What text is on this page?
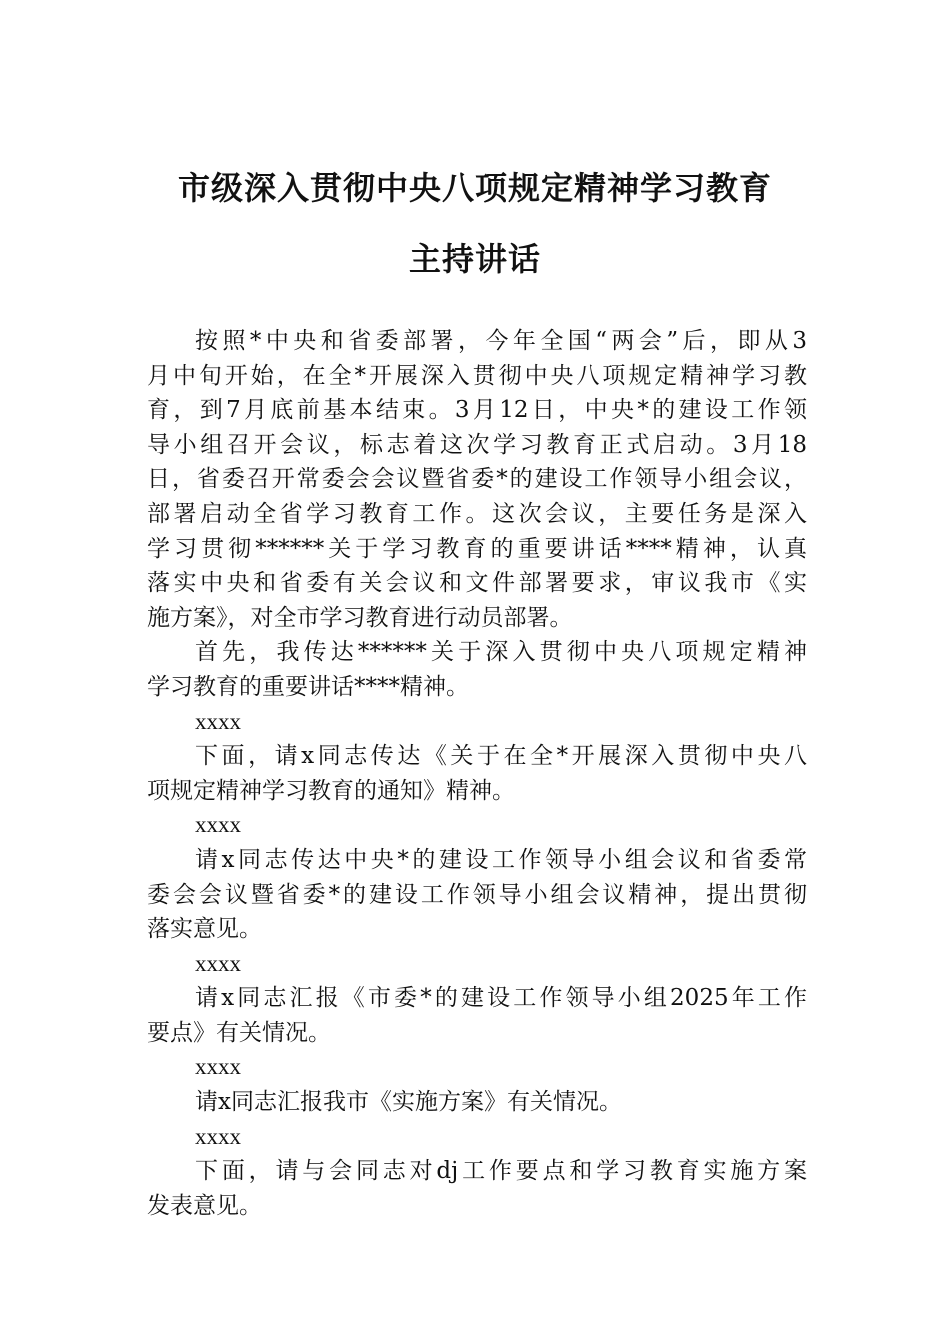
市级深入贯彻中央八项规定精神学习教育
主持讲话
按照*中央和省委部署，今年全国“两会”后，即从3
月中旬开始，在全*开展深入贯彻中央八项规定精神学习教
育，到7月底前基本结束。3月12日，中央*的建设工作领
导小组召开会议，标志着这次学习教育正式启动。3月18
日，省委召开常委会会议暨省委*的建设工作领导小组会议，
部署启动全省学习教育工作。这次会议，主要任务是深入
学习贯彻******关于学习教育的重要讲话****精神，认真
落实中央和省委有关会议和文件部署要求，审议我市《实
施方案》，对全市学习教育进行动员部署。
首先，我传达******关于深入贯彻中央八项规定精神
学习教育的重要讲话****精神。
xxxx
下面，请x同志传达《关于在全*开展深入贯彻中央八
项规定精神学习教育的通知》精神。
xxxx
请x同志传达中央*的建设工作领导小组会议和省委常
委会会议暨省委*的建设工作领导小组会议精神，提出贯彻
落实意见。
xxxx
请x同志汇报《市委*的建设工作领导小组2025年工作
要点》有关情况。
xxxx
请x同志汇报我市《实施方案》有关情况。
xxxx
下面，请与会同志对dj工作要点和学习教育实施方案
发表意见。
